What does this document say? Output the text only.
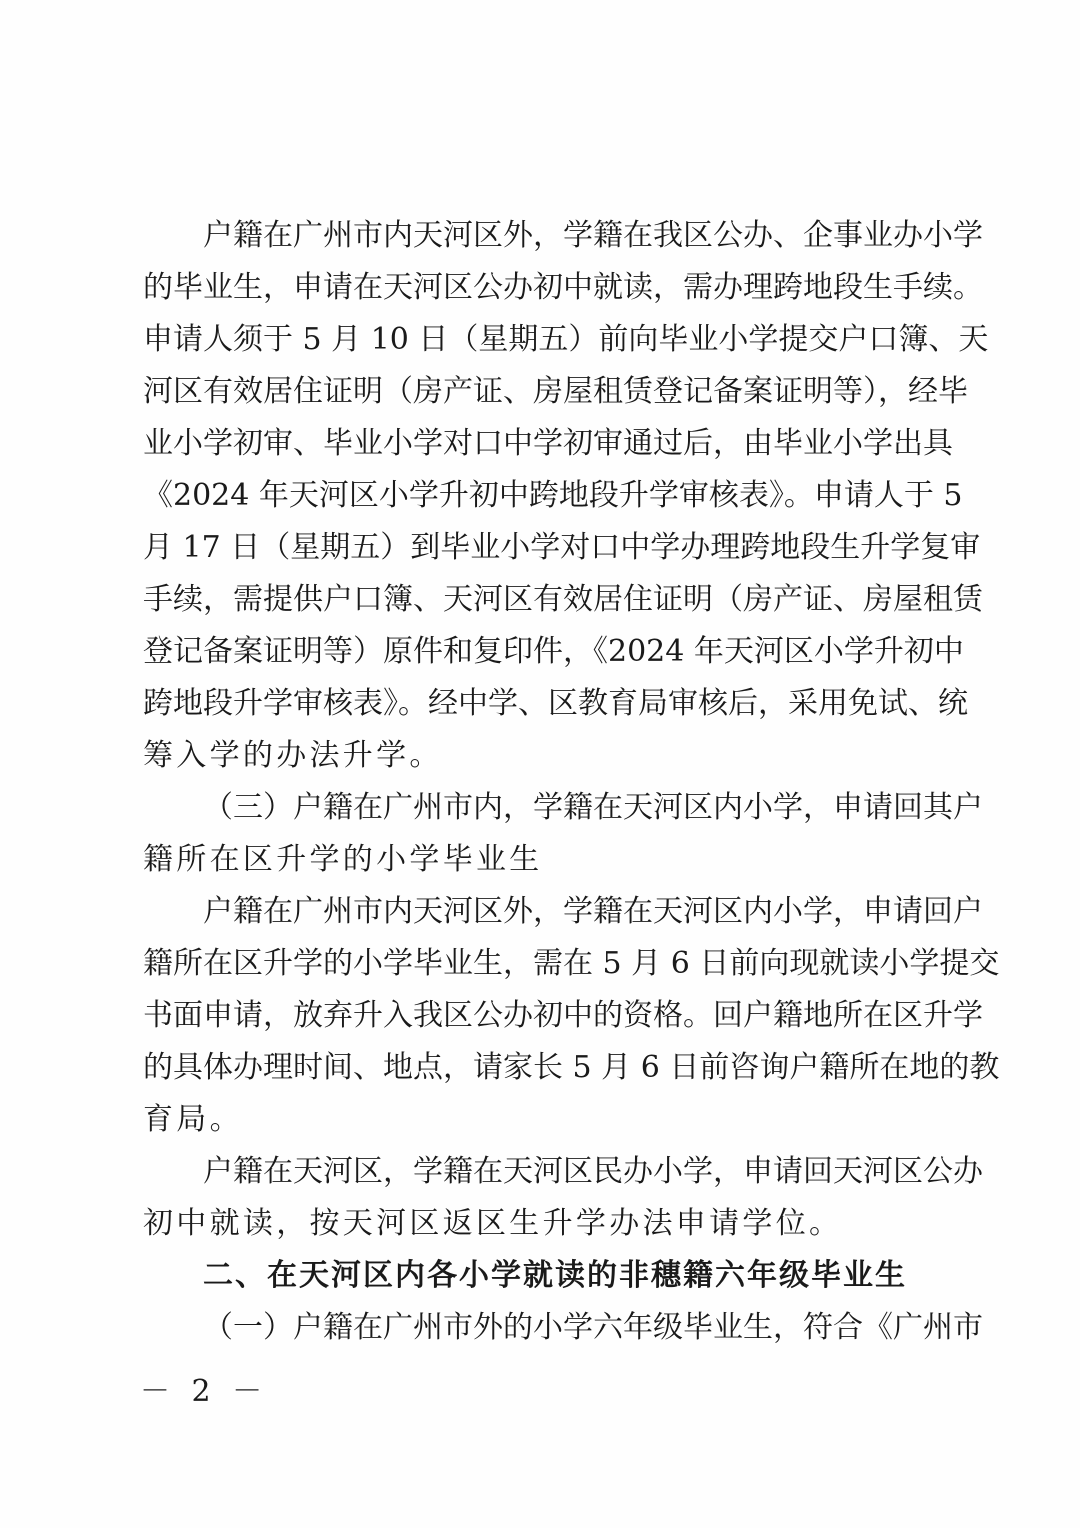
户籍在广州市内天河区外，学籍在我区公办、企事业办小学
的毕业生，申请在天河区公办初中就读，需办理跨地段生手续。
申请人须于 5 月 10 日（星期五）前向毕业小学提交户口簿、天
河区有效居住证明（房产证、房屋租赁登记备案证明等），经毕
业小学初审、毕业小学对口中学初审通过后，由毕业小学出具
《2024 年天河区小学升初中跨地段升学审核表》。申请人于 5
月 17 日（星期五）到毕业小学对口中学办理跨地段生升学复审
手续，需提供户口簿、天河区有效居住证明（房产证、房屋租赁
登记备案证明等）原件和复印件，《2024 年天河区小学升初中
跨地段升学审核表》。经中学、区教育局审核后，采用免试、统
筹入学的办法升学。
（三）户籍在广州市内，学籍在天河区内小学，申请回其户
籍所在区升学的小学毕业生
户籍在广州市内天河区外，学籍在天河区内小学，申请回户
籍所在区升学的小学毕业生，需在 5 月 6 日前向现就读小学提交
书面申请，放弃升入我区公办初中的资格。回户籍地所在区升学
的具体办理时间、地点，请家长 5 月 6 日前咨询户籍所在地的教
育局。
户籍在天河区，学籍在天河区民办小学，申请回天河区公办
初中就读，按天河区返区生升学办法申请学位。
二、在天河区内各小学就读的非穗籍六年级毕业生
（一）户籍在广州市外的小学六年级毕业生，符合《广州市
－ 2 －
